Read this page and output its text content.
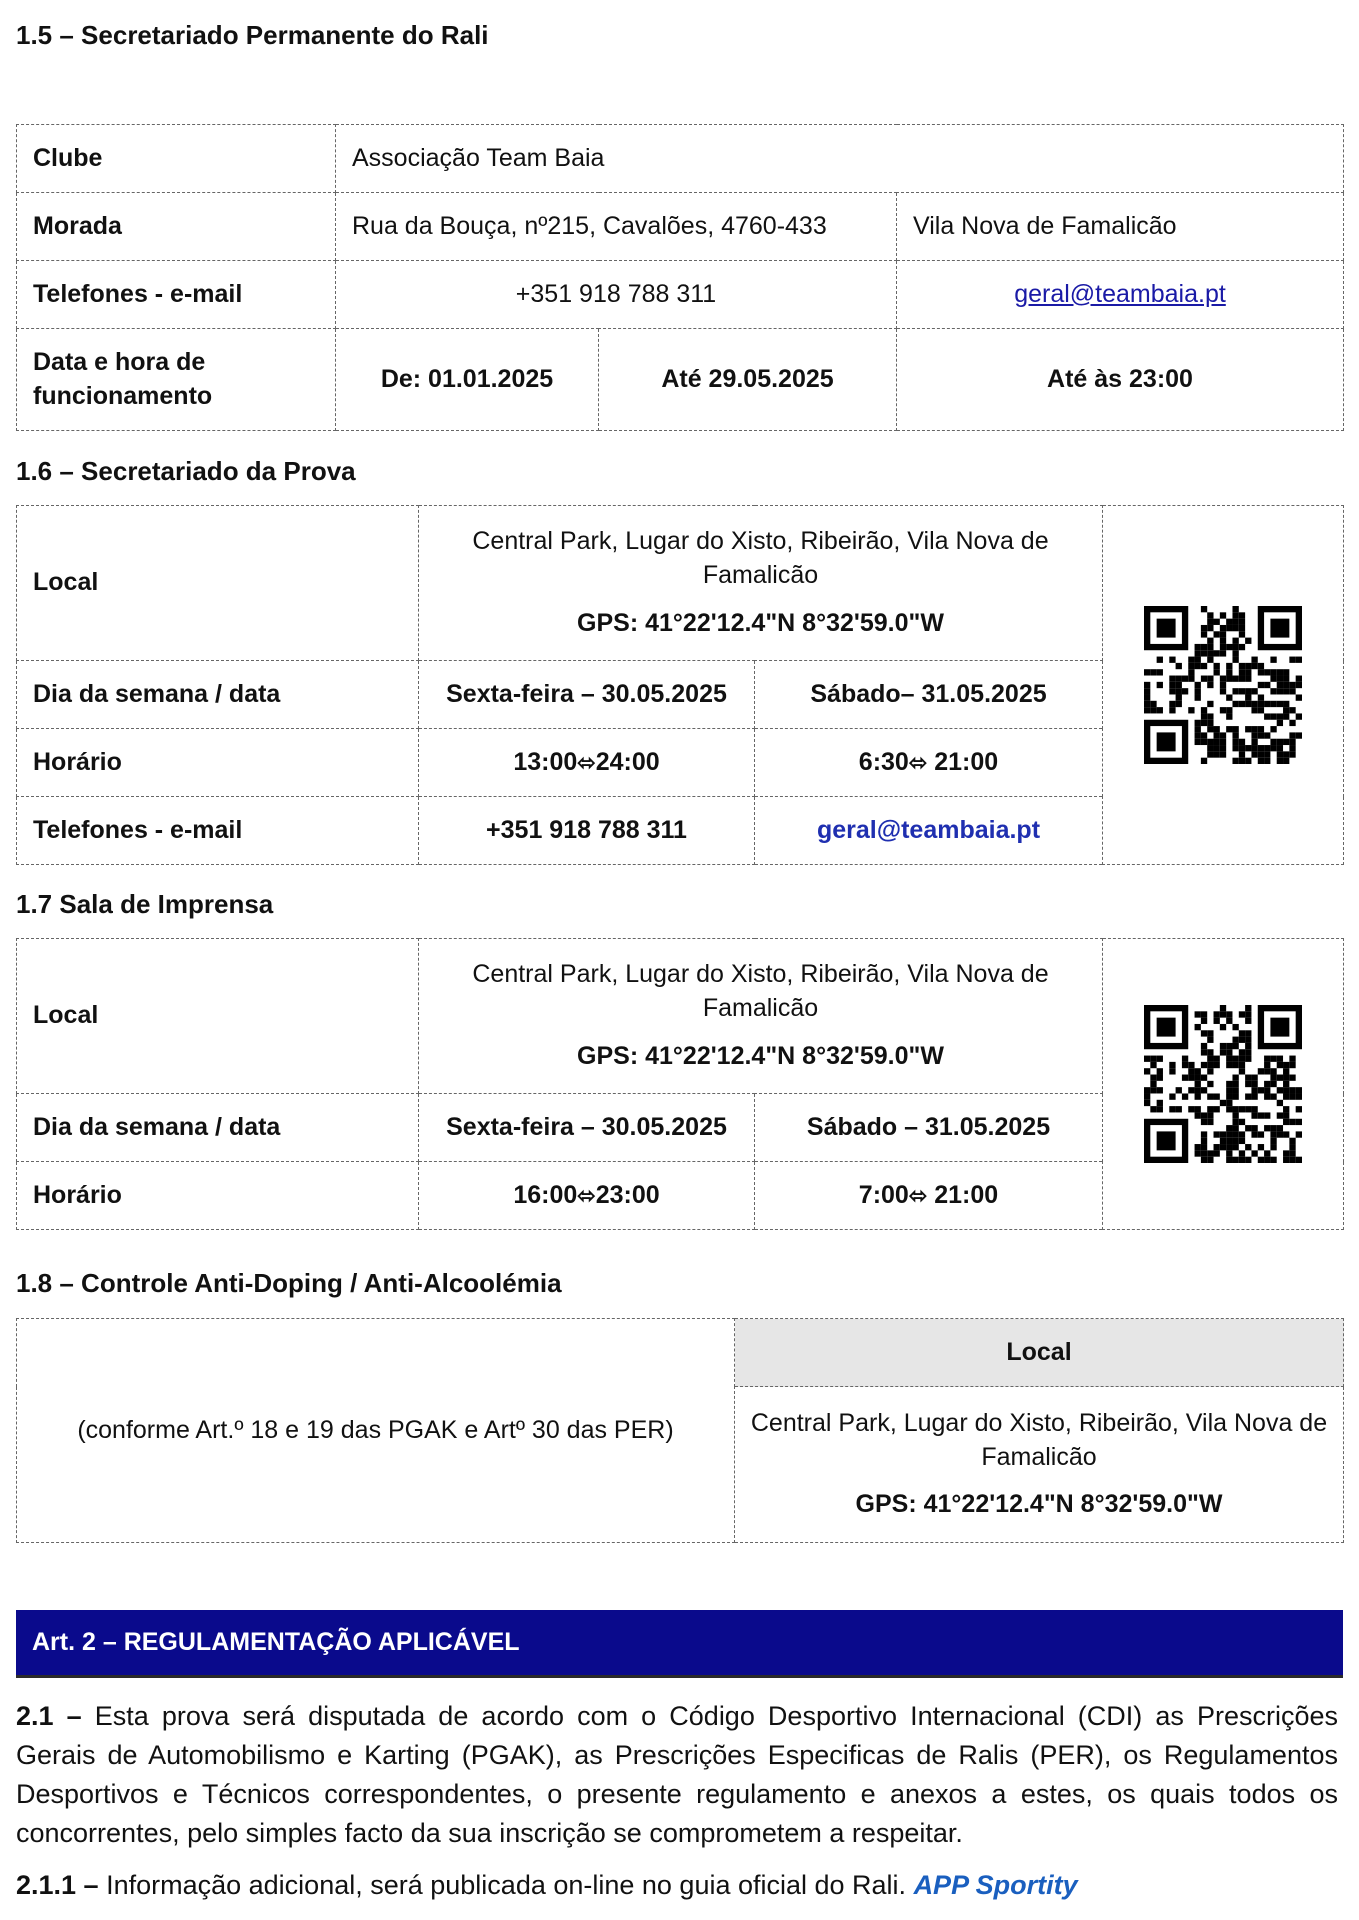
1.5 – Secretariado Permanente do Rali
Clube	Associação Team Baia		
Morada	Rua da Bouça, nº215, Cavalões, 4760-433		Vila Nova de Famalicão
Telefones - e-mail	+351 918 788 311		geral@teambaia.pt
Data e hora de funcionamento	De: 01.01.2025	Até 29.05.2025	Até às 23:00
1.6 – Secretariado da Prova
Local	Central Park, Lugar do Xisto, Ribeirão, Vila Nova de Famalicão
GPS: 41°22'12.4"N 8°32'59.0"W

Dia da semana / data	Sexta-feira – 30.05.2025	Sábado– 31.05.2025	
Horário	13:00⬄24:00	6:30⬄ 21:00	
Telefones - e-mail	+351 918 788 311	geral@teambaia.pt	
1.7 Sala de Imprensa
Local	Central Park, Lugar do Xisto, Ribeirão, Vila Nova de Famalicão
GPS: 41°22'12.4"N 8°32'59.0"W

Dia da semana / data	Sexta-feira – 30.05.2025	Sábado – 31.05.2025	
Horário	16:00⬄23:00	7:00⬄ 21:00	
1.8 – Controle Anti-Doping / Anti-Alcoolémia
(conforme Art.º 18 e 19 das PGAK e Artº 30 das PER)	Local
Central Park, Lugar do Xisto, Ribeirão, Vila Nova de Famalicão
GPS: 41°22'12.4"N 8°32'59.0"W
Art. 2 – REGULAMENTAÇÃO APLICÁVEL
2.1 – Esta prova será disputada de acordo com o Código Desportivo Internacional (CDI) as Prescrições Gerais de Automobilismo e Karting (PGAK), as Prescrições Especificas de Ralis (PER), os Regulamentos Desportivos e Técnicos correspondentes, o presente regulamento e anexos a estes, os quais todos os concorrentes, pelo simples facto da sua inscrição se comprometem a respeitar.
2.1.1 – Informação adicional, será publicada on-line no guia oficial do Rali. APP Sportity
